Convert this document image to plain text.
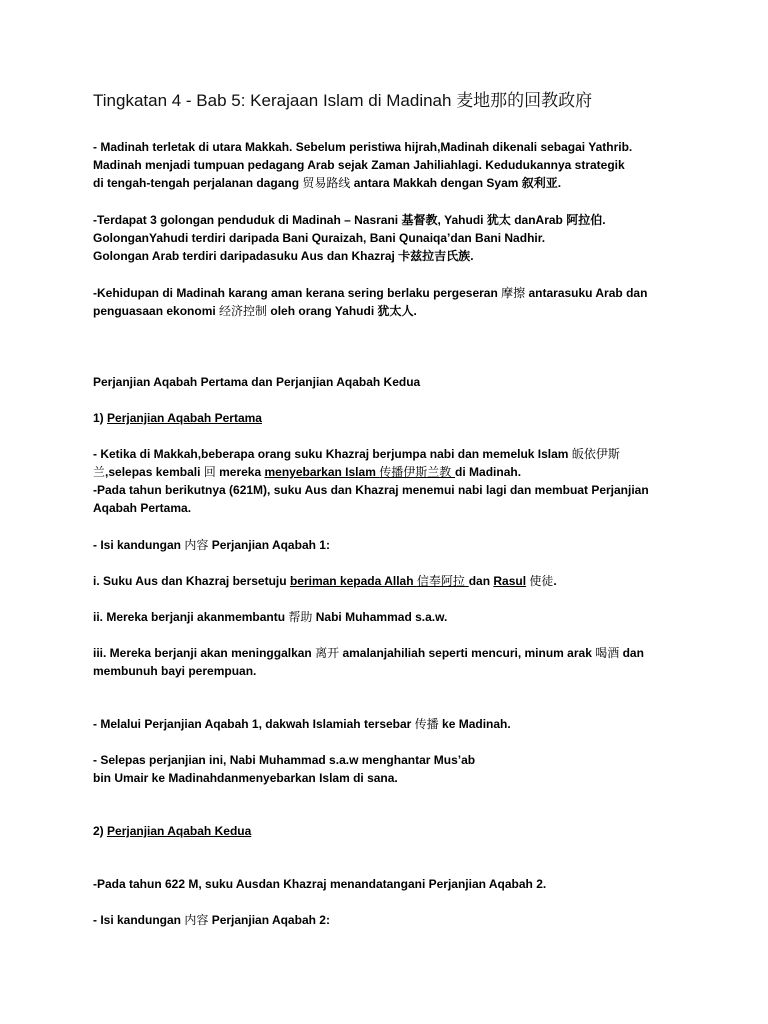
Tingkatan 4 - Bab 5: Kerajaan Islam di Madinah 麦地那的回教政府
- Madinah terletak di utara Makkah. Sebelum peristiwa hijrah,Madinah dikenali sebagai Yathrib.
Madinah menjadi tumpuan pedagang Arab sejak Zaman Jahiliahlagi. Kedudukannya strategik
di tengah-tengah perjalanan dagang 贸易路线 antara Makkah dengan Syam 叙利亚.
-Terdapat 3 golongan penduduk di Madinah – Nasrani 基督教, Yahudi 犹太 danArab 阿拉伯.
GolonganYahudi terdiri daripada Bani Quraizah, Bani Qunaiqa’dan Bani Nadhir.
Golongan Arab terdiri daripadasuku Aus dan Khazraj 卡兹拉吉氏族.
-Kehidupan di Madinah karang aman kerana sering berlaku pergeseran 摩擦 antarasuku Arab dan
penguasaan ekonomi 经济控制 oleh orang Yahudi 犹太人.
Perjanjian Aqabah Pertama dan Perjanjian Aqabah Kedua
1) Perjanjian Aqabah Pertama
- Ketika di Makkah,beberapa orang suku Khazraj berjumpa nabi dan memeluk Islam 皈依伊斯
兰,selepas kembali 回 mereka menyebarkan Islam 传播伊斯兰教 di Madinah.
-Pada tahun berikutnya (621M), suku Aus dan Khazraj menemui nabi lagi dan membuat Perjanjian
Aqabah Pertama.
- Isi kandungan 内容 Perjanjian Aqabah 1:
i. Suku Aus dan Khazraj bersetuju beriman kepada Allah 信奉阿拉 dan Rasul 使徒.
ii. Mereka berjanji akanmembantu 帮助 Nabi Muhammad s.a.w.
iii. Mereka berjanji akan meninggalkan 离开 amalanjahiliah seperti mencuri, minum arak 喝酒 dan
membunuh bayi perempuan.
- Melalui Perjanjian Aqabah 1, dakwah Islamiah tersebar 传播 ke Madinah.
- Selepas perjanjian ini, Nabi Muhammad s.a.w menghantar Mus’ab
bin Umair ke Madinahdanmenyebarkan Islam di sana.
2) Perjanjian Aqabah Kedua
-Pada tahun 622 M, suku Ausdan Khazraj menandatangani Perjanjian Aqabah 2.
- Isi kandungan 内容 Perjanjian Aqabah 2:
